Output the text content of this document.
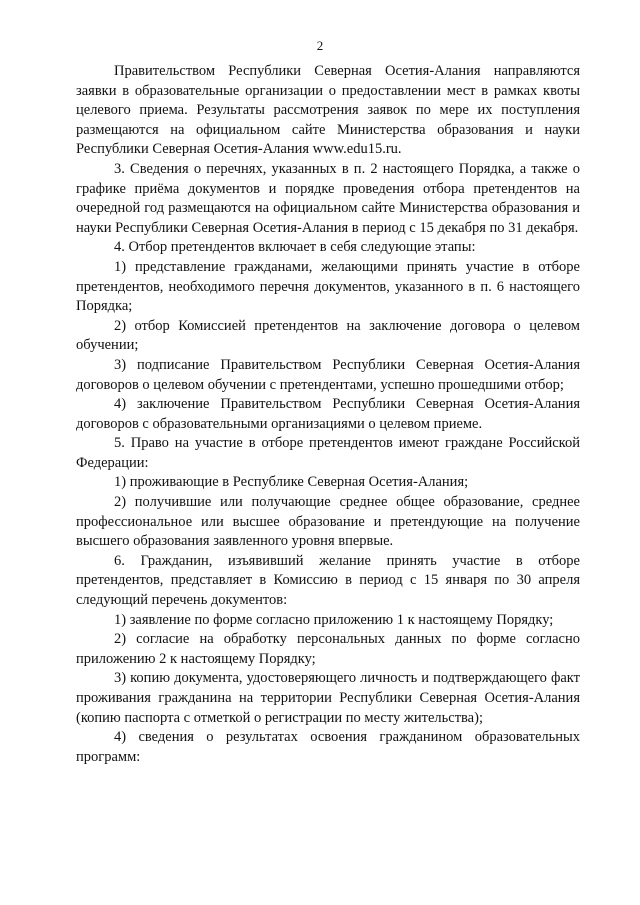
2

Правительством Республики Северная Осетия-Алания направляются заявки в образовательные организации о предоставлении мест в рамках квоты целевого приема. Результаты рассмотрения заявок по мере их поступления размещаются на официальном сайте Министерства образования и науки Республики Северная Осетия-Алания www.edu15.ru.

3. Сведения о перечнях, указанных в п. 2 настоящего Порядка, а также о графике приёма документов и порядке проведения отбора претендентов на очередной год размещаются на официальном сайте Министерства образования и науки Республики Северная Осетия-Алания в период с 15 декабря по 31 декабря.

4. Отбор претендентов включает в себя следующие этапы:

1) представление гражданами, желающими принять участие в отборе претендентов, необходимого перечня документов, указанного в п. 6 настоящего Порядка;

2) отбор Комиссией претендентов на заключение договора о целевом обучении;

3) подписание Правительством Республики Северная Осетия-Алания договоров о целевом обучении с претендентами, успешно прошедшими отбор;

4) заключение Правительством Республики Северная Осетия-Алания договоров с образовательными организациями о целевом приеме.

5. Право на участие в отборе претендентов имеют граждане Российской Федерации:

1) проживающие в Республике Северная Осетия-Алания;

2) получившие или получающие среднее общее образование, среднее профессиональное или высшее образование и претендующие на получение высшего образования заявленного уровня впервые.

6. Гражданин, изъявивший желание принять участие в отборе претендентов, представляет в Комиссию в период с 15 января по 30 апреля следующий перечень документов:

1) заявление по форме согласно приложению 1 к настоящему Порядку;

2) согласие на обработку персональных данных по форме согласно приложению 2 к настоящему Порядку;

3) копию документа, удостоверяющего личность и подтверждающего факт проживания гражданина на территории Республики Северная Осетия-Алания (копию паспорта с отметкой о регистрации по месту жительства);

4) сведения о результатах освоения гражданином образовательных программ:
